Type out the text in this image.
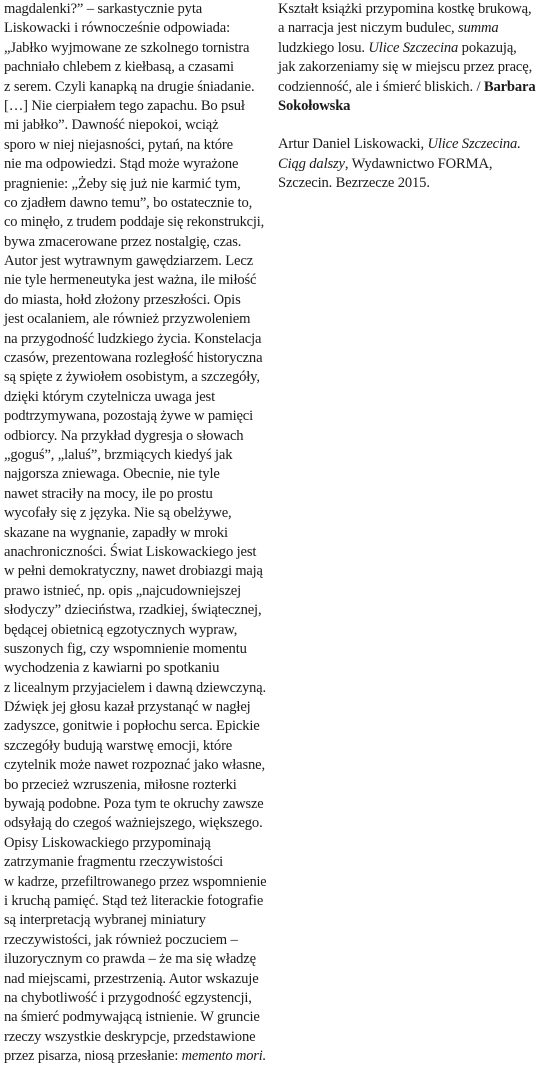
magdalenki?” – sarkastycznie pyta
Liskowacki i równocześnie odpowiada:
„Jabłko wyjmowane ze szkolnego tornistra
pachniało chlebem z kiełbasą, a czasami
z serem. Czyli kanapką na drugie śniadanie.
[…] Nie cierpiałem tego zapachu. Bo psuł
mi jabłko”. Dawność niepokoi, wciąż
sporo w niej niejasności, pytań, na które
nie ma odpowiedzi. Stąd może wyrażone
pragnienie: „Żeby się już nie karmić tym,
co zjadłem dawno temu”, bo ostatecznie to,
co minęło, z trudem poddaje się rekonstrukcji,
bywa zmacerowane przez nostalgię, czas.
Autor jest wytrawnym gawędziarzem. Lecz
nie tyle hermeneutyka jest ważna, ile miłość
do miasta, hołd złożony przeszłości. Opis
jest ocalaniem, ale również przyzwoleniem
na przygodność ludzkiego życia. Konstelacja
czasów, prezentowana rozległość historyczna
są spięte z żywiołem osobistym, a szczegóły,
dzięki którym czytelnicza uwaga jest
podtrzymywana, pozostają żywe w pamięci
odbiorcy. Na przykład dygresja o słowach
„goguś”, „laluś”, brzmiących kiedyś jak
najgorsza zniewaga. Obecnie, nie tyle
nawet straciły na mocy, ile po prostu
wycofały się z języka. Nie są obelżywe,
skazane na wygnanie, zapadły w mroki
anachroniczności. Świat Liskowackiego jest
w pełni demokratyczny, nawet drobiazgi mają
prawo istnieć, np. opis „najcudowniejszej
słodyczy” dzieciństwa, rzadkiej, świątecznej,
będącej obietnicą egzotycznych wypraw,
suszonych fig, czy wspomnienie momentu
wychodzenia z kawiarni po spotkaniu
z licealnym przyjacielem i dawną dziewczyną.
Dźwięk jej głosu kazał przystanąć w nagłej
zadyszce, gonitwie i popłochu serca. Epickie
szczegóły budują warstwę emocji, które
czytelnik może nawet rozpoznać jako własne,
bo przecież wzruszenia, miłosne rozterki
bywają podobne. Poza tym te okruchy zawsze
odsyłają do czegoś ważniejszego, większego.
Opisy Liskowackiego przypominają
zatrzymanie fragmentu rzeczywistości
w kadrze, przefiltrowanego przez wspomnienie
i kruchą pamięć. Stąd też literackie fotografie
są interpretacją wybranej miniatury
rzeczywistości, jak również poczuciem –
iluzorycznym co prawda – że ma się władzę
nad miejscami, przestrzenią. Autor wskazuje
na chybotliwość i przygodność egzystencji,
na śmierć podmywającą istnienie. W gruncie
rzeczy wszystkie deskrypcje, przedstawione
przez pisarza, niosą przesłanie: memento mori.
Kształt książki przypomina kostkę brukową,
a narracja jest niczym budulec, summa
ludzkiego losu. Ulice Szczecina pokazują,
jak zakorzeniamy się w miejscu przez pracę,
codzienność, ale i śmierć bliskich. / Barbara
Sokołowska
Artur Daniel Liskowacki, Ulice Szczecina.
Ciąg dalszy, Wydawnictwo FORMA,
Szczecin. Bezrzecze 2015.
